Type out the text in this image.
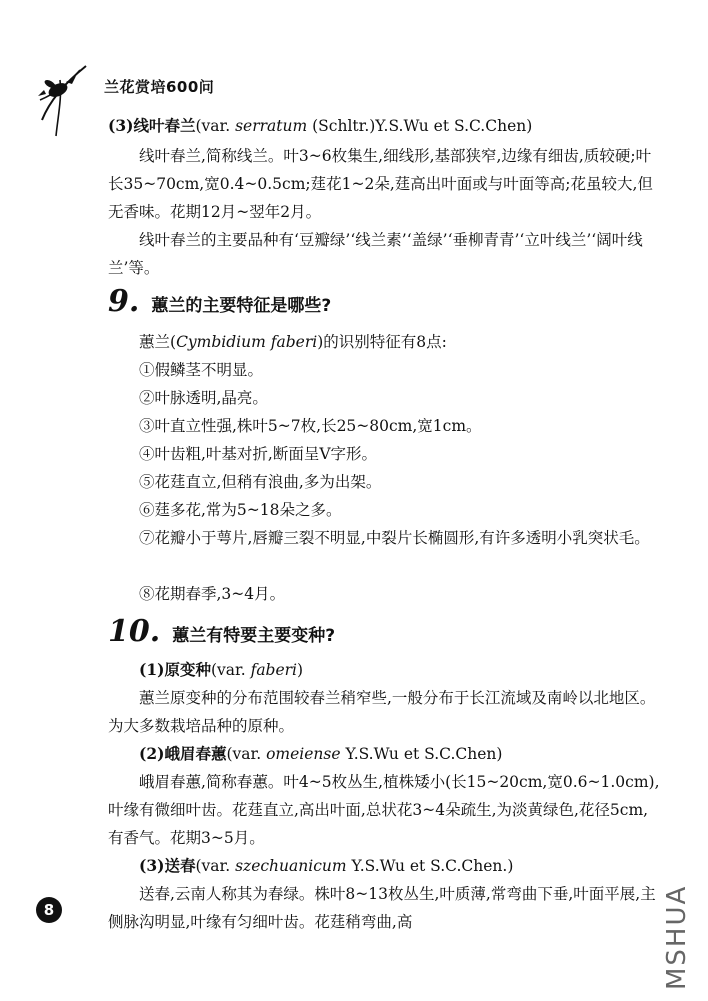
兰花赏培600问

(3)线叶春兰(var. serratum (Schltr.)Y.S.Wu et S.C.Chen)

线叶春兰,简称线兰。叶3~6枚集生,细线形,基部狭窄,边缘有细齿,质较硬;叶长35~70cm,宽0.4~0.5cm;莛花1~2朵,莛高出叶面或与叶面等高;花虽较大,但无香味。花期12月~翌年2月。

线叶春兰的主要品种有‘豆瓣绿’‘线兰素’‘盖绿’‘垂柳青青’‘立叶线兰’‘阔叶线兰’等。

9. 蕙兰的主要特征是哪些?

蕙兰(Cymbidium faberi)的识别特征有8点:

①假鳞茎不明显。

②叶脉透明,晶亮。

③叶直立性强,株叶5~7枚,长25~80cm,宽1cm。

④叶齿粗,叶基对折,断面呈V字形。

⑤花莛直立,但稍有浪曲,多为出架。

⑥莛多花,常为5~18朵之多。

⑦花瓣小于萼片,唇瓣三裂不明显,中裂片长椭圆形,有许多透明小乳突状毛。

⑧花期春季,3~4月。

10. 蕙兰有特要主要变种?

(1)原变种(var. faberi)

蕙兰原变种的分布范围较春兰稍窄些,一般分布于长江流域及南岭以北地区。为大多数栽培品种的原种。

(2)峨眉春蕙(var. omeiense Y.S.Wu et S.C.Chen)

峨眉春蕙,简称春蕙。叶4~5枚丛生,植株矮小(长15~20cm,宽0.6~1.0cm),叶缘有微细叶齿。花莛直立,高出叶面,总状花3~4朵疏生,为淡黄绿色,花径5cm,有香气。花期3~5月。

(3)送春(var. szechuanicum Y.S.Wu et S.C.Chen.)

送春,云南人称其为春绿。株叶8~13枚丛生,叶质薄,常弯曲下垂,叶面平展,主侧脉沟明显,叶缘有匀细叶齿。花莛稍弯曲,高

8	MSHUA
